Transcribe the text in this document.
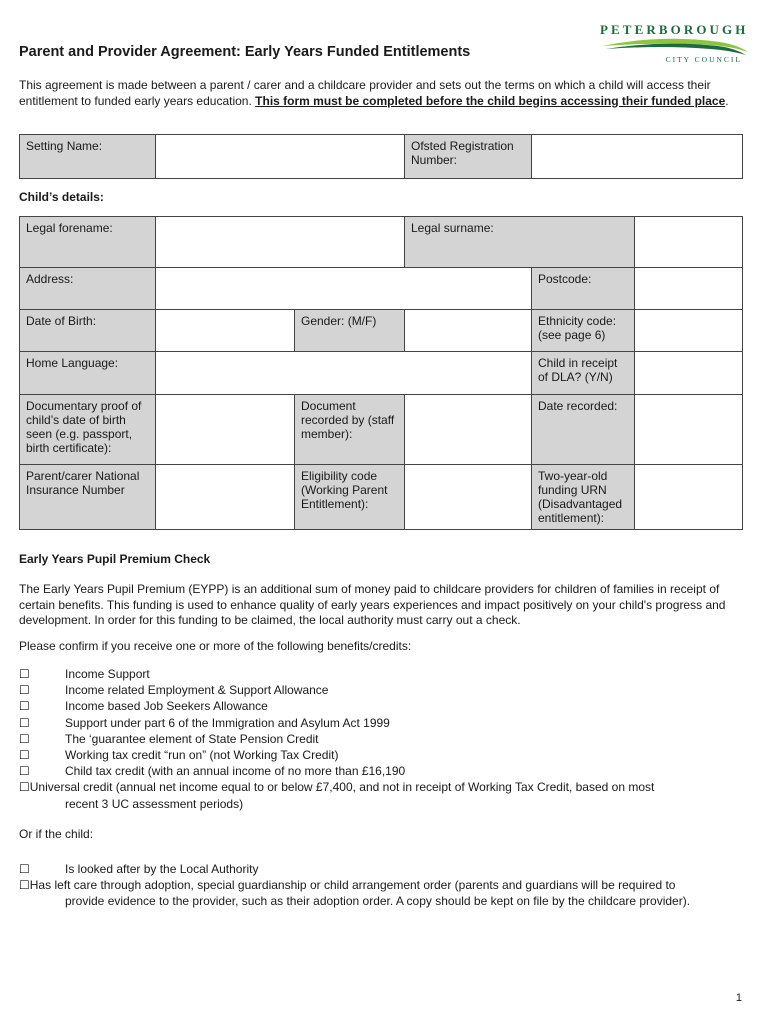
PETERBOROUGH
CITY COUNCIL
Parent and Provider Agreement: Early Years Funded Entitlements

This agreement is made between a parent / carer and a childcare provider and sets out the terms on which a child will access their entitlement to funded early years education. This form must be completed before the child begins accessing their funded place.

Setting Name:		Ofsted Registration Number:	

Child’s details:

Legal forename:			Legal surname:		
Address:				Postcode:	
Date of Birth:		Gender: (M/F)		Ethnicity code: (see page 6)	
Home Language:				Child in receipt of DLA? (Y/N)	
Documentary proof of child’s date of birth seen (e.g. passport, birth certificate):		Document recorded by (staff member):		Date recorded:	
Parent/carer National Insurance Number		Eligibility code (Working Parent Entitlement):		Two-year-old funding URN (Disadvantaged entitlement):	

Early Years Pupil Premium Check

The Early Years Pupil Premium (EYPP) is an additional sum of money paid to childcare providers for children of families in receipt of certain benefits. This funding is used to enhance quality of early years experiences and impact positively on your child's progress and development. In order for this funding to be claimed, the local authority must carry out a check.

Please confirm if you receive one or more of the following benefits/credits:

☐	Income Support
☐	Income related Employment & Support Allowance
☐	Income based Job Seekers Allowance
☐	Support under part 6 of the Immigration and Asylum Act 1999
☐	The ‘guarantee element of State Pension Credit
☐	Working tax credit “run on” (not Working Tax Credit)
☐	Child tax credit (with an annual income of no more than £16,190
☐Universal credit (annual net income equal to or below £7,400, and not in receipt of Working Tax Credit, based on most
recent 3 UC assessment periods)

Or if the child:

☐	Is looked after by the Local Authority
☐Has left care through adoption, special guardianship or child arrangement order (parents and guardians will be required to
provide evidence to the provider, such as their adoption order. A copy should be kept on file by the childcare provider).
1
